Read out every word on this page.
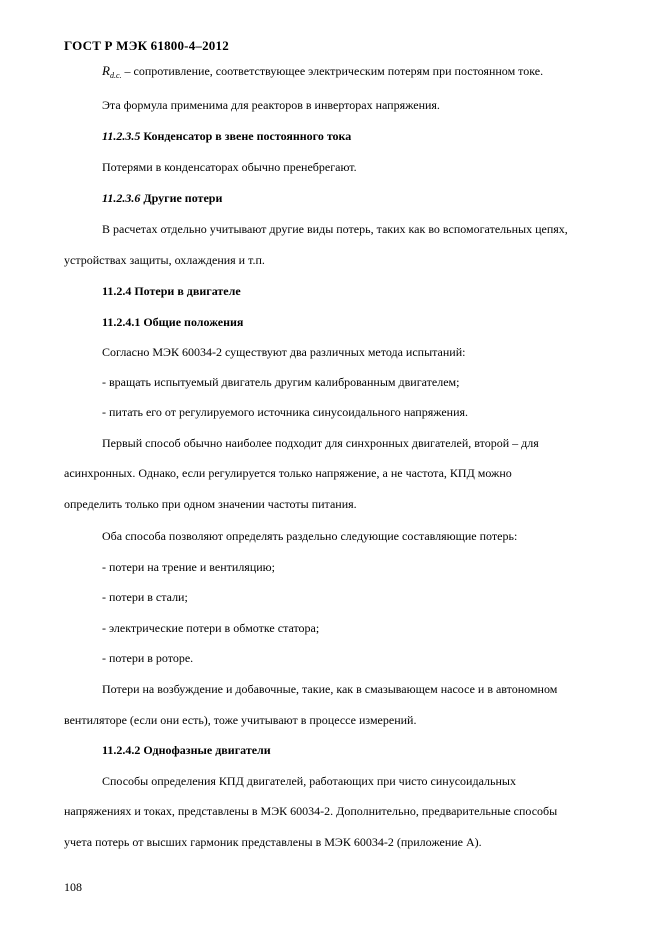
ГОСТ Р МЭК 61800-4–2012
$R_{d.c.}$ – сопротивление, соответствующее электрическим потерям при постоянном токе.
Эта формула применима для реакторов в инверторах напряжения.
11.2.3.5 Конденсатор в звене постоянного тока
Потерями в конденсаторах обычно пренебрегают.
11.2.3.6 Другие потери
В расчетах отдельно учитывают другие виды потерь, таких как во вспомогательных цепях,
устройствах защиты, охлаждения и т.п.
11.2.4 Потери в двигателе
11.2.4.1 Общие положения
Согласно МЭК 60034-2 существуют два различных метода испытаний:
- вращать испытуемый двигатель другим калиброванным двигателем;
- питать его от регулируемого источника синусоидального напряжения.
Первый способ обычно наиболее подходит для синхронных двигателей, второй – для
асинхронных. Однако, если регулируется только напряжение, а не частота, КПД можно
определить только при одном значении частоты питания.
Оба способа позволяют определять раздельно следующие составляющие потерь:
- потери на трение и вентиляцию;
- потери в стали;
- электрические потери в обмотке статора;
- потери в роторе.
Потери на возбуждение и добавочные, такие, как в смазывающем насосе и в автономном
вентиляторе (если они есть), тоже учитывают в процессе измерений.
11.2.4.2 Однофазные двигатели
Способы определения КПД двигателей, работающих при чисто синусоидальных
напряжениях и токах, представлены в МЭК 60034-2. Дополнительно, предварительные способы
учета потерь от высших гармоник представлены в МЭК 60034-2 (приложение А).
108
